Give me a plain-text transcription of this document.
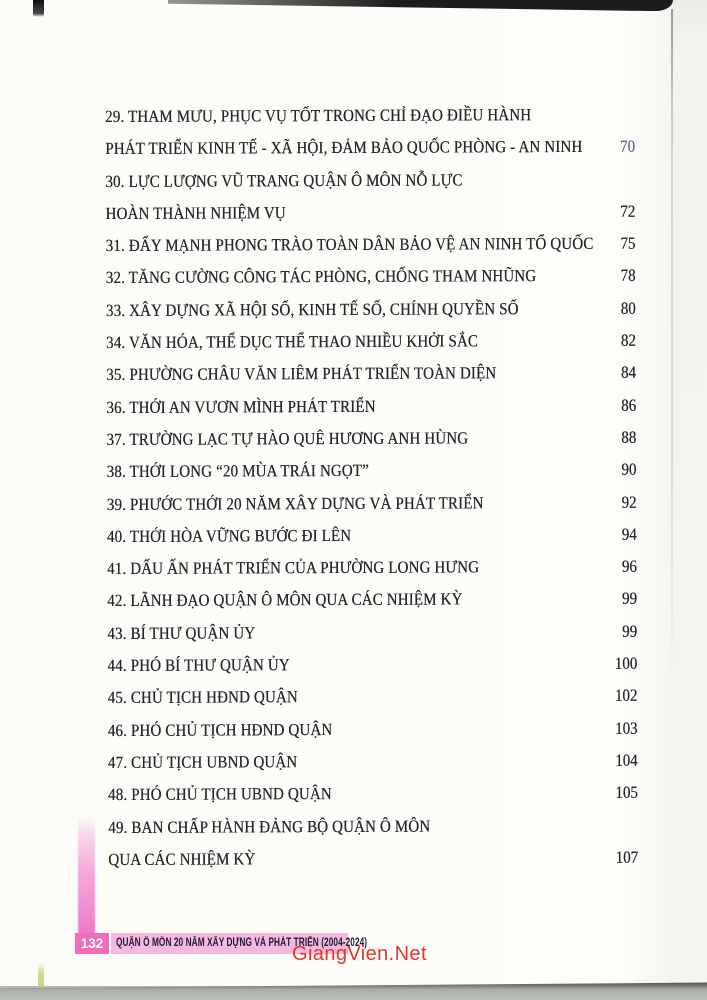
29. THAM MƯU, PHỤC VỤ TỐT TRONG CHỈ ĐẠO ĐIỀU HÀNH
PHÁT TRIỂN KINH TẾ - XÃ HỘI, ĐẢM BẢO QUỐC PHÒNG - AN NINH 70
30. LỰC LƯỢNG VŨ TRANG QUẬN Ô MÔN NỖ LỰC
HOÀN THÀNH NHIỆM VỤ	72
31. ĐẨY MẠNH PHONG TRÀO TOÀN DÂN BẢO VỆ AN NINH TỔ QUỐC 75
32. TĂNG CƯỜNG CÔNG TÁC PHÒNG, CHỐNG THAM NHŨNG	78
33. XÂY DỰNG XÃ HỘI SỐ, KINH TẾ SỐ, CHÍNH QUYỀN SỐ	80
34. VĂN HÓA, THỂ DỤC THỂ THAO NHIỀU KHỞI SẮC	82
35. PHƯỜNG CHÂU VĂN LIÊM PHÁT TRIỂN TOÀN DIỆN	84
36. THỚI AN VƯƠN MÌNH PHÁT TRIỂN	86
37. TRƯỜNG LẠC TỰ HÀO QUÊ HƯƠNG ANH HÙNG	88
38. THỚI LONG “20 MÙA TRÁI NGỌT”	90
39. PHƯỚC THỚI 20 NĂM XÂY DỰNG VÀ PHÁT TRIỂN	92
40. THỚI HÒA VỮNG BƯỚC ĐI LÊN	94
41. DẤU ẤN PHÁT TRIỂN CỦA PHƯỜNG LONG HƯNG	96
42. LÃNH ĐẠO QUẬN Ô MÔN QUA CÁC NHIỆM KỲ	99
43. BÍ THƯ QUẬN ỦY	99
44. PHÓ BÍ THƯ QUẬN ỦY	100
45. CHỦ TỊCH HĐND QUẬN	102
46. PHÓ CHỦ TỊCH HĐND QUẬN	103
47. CHỦ TỊCH UBND QUẬN	104
48. PHÓ CHỦ TỊCH UBND QUẬN	105
49. BAN CHẤP HÀNH ĐẢNG BỘ QUẬN Ô MÔN
QUA CÁC NHIỆM KỲ	107
132	QUẬN Ô MÔN 20 NĂM XÂY DỰNG VÀ PHÁT TRIỂN (2004-2024)
GiangVien.Net
